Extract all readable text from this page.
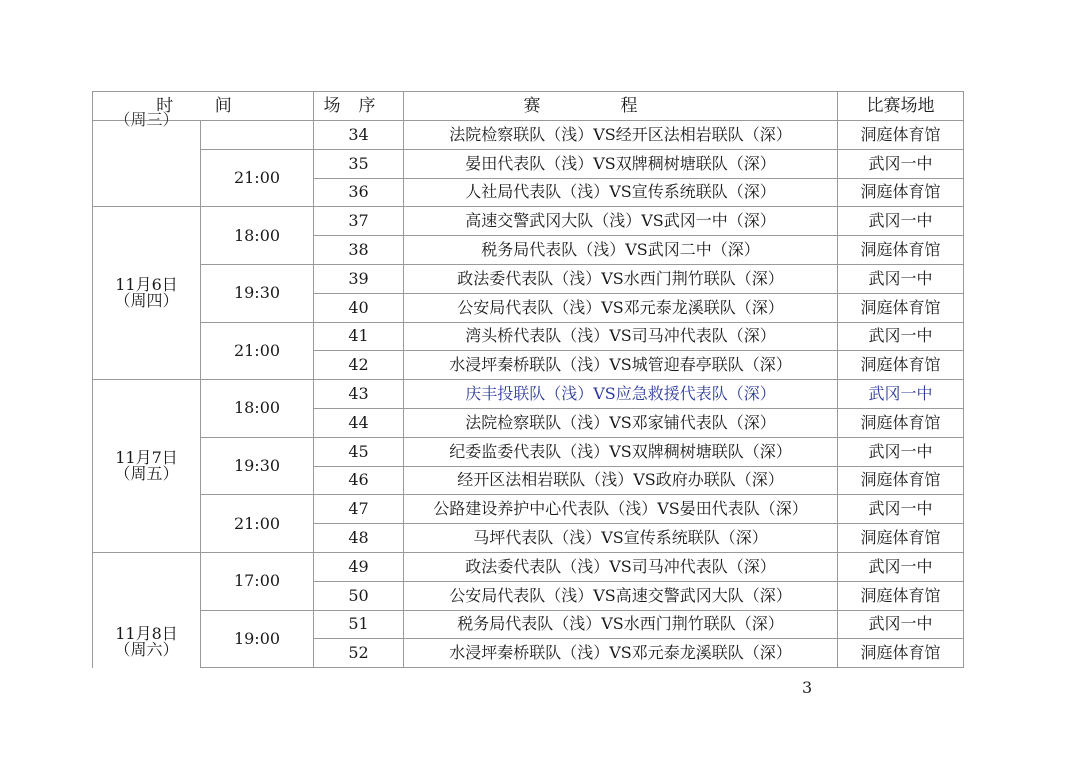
时 间		场序	赛程	比赛场地

（周三）		34	法院检察联队（浅）VS经开区法相岩联队（深）	洞庭体育馆
	21:00	35	晏田代表队（浅）VS双牌稠树塘联队（深）	武冈一中
		36	人社局代表队（浅）VS宣传系统联队（深）	洞庭体育馆
11月6日
（周四）	18:00	37	高速交警武冈大队（浅）VS武冈一中（深）	武冈一中
		38	税务局代表队（浅）VS武冈二中（深）	洞庭体育馆
	19:30	39	政法委代表队（浅）VS水西门荆竹联队（深）	武冈一中
		40	公安局代表队（浅）VS邓元泰龙溪联队（深）	洞庭体育馆
	21:00	41	湾头桥代表队（浅）VS司马冲代表队（深）	武冈一中
		42	水浸坪秦桥联队（浅）VS城管迎春亭联队（深）	洞庭体育馆
11月7日
（周五）	18:00	43	庆丰投联队（浅）VS应急救援代表队（深）	武冈一中
		44	法院检察联队（浅）VS邓家铺代表队（深）	洞庭体育馆
	19:30	45	纪委监委代表队（浅）VS双牌稠树塘联队（深）	武冈一中
		46	经开区法相岩联队（浅）VS政府办联队（深）	洞庭体育馆
	21:00	47	公路建设养护中心代表队（浅）VS晏田代表队（深）	武冈一中
		48	马坪代表队（浅）VS宣传系统联队（深）	洞庭体育馆
11月8日
（周六）	17:00	49	政法委代表队（浅）VS司马冲代表队（深）	武冈一中
		50	公安局代表队（浅）VS高速交警武冈大队（深）	洞庭体育馆
	19:00	51	税务局代表队（浅）VS水西门荆竹联队（深）	武冈一中
		52	水浸坪秦桥联队（浅）VS邓元泰龙溪联队（深）	洞庭体育馆
3
